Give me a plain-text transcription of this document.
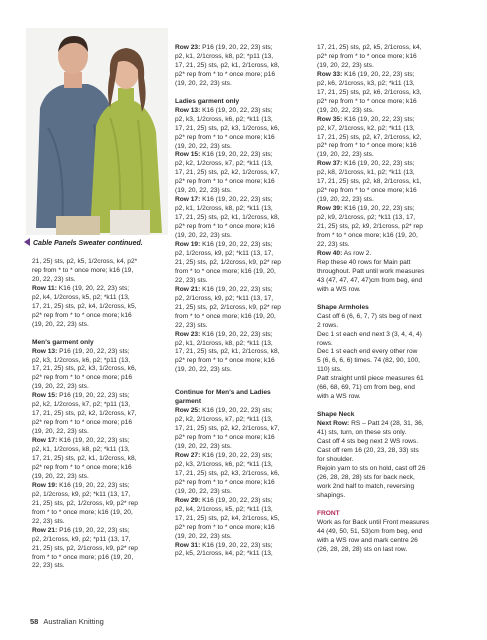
Cable Panels Sweater continued.

21, 25) sts, p2, k5, 1/2cross, k4, p2*

rep from * to * once more; k16 (19,

20, 22, 23) sts.

Row 11: K16 (19, 20, 22, 23) sts;

p2, k4, 1/2cross, k5, p2; *k11 (13,

17, 21, 25) sts, p2, k4, 1/2cross, k5,

p2* rep from * to * once more; k16

(19, 20, 22, 23) sts.

Men's garment only

Row 13: P16 (19, 20, 22, 23) sts;

p2, k3, 1/2cross, k6, p2; *p11 (13,

17, 21, 25) sts, p2, k3, 1/2cross, k6,

p2* rep from * to * once more; p16

(19, 20, 22, 23) sts.

Row 15: P16 (19, 20, 22, 23) sts;

p2, k2, 1/2cross, k7, p2; *p11 (13,

17, 21, 25) sts, p2, k2, 1/2cross, k7,

p2* rep from * to * once more; p16

(19, 20, 22, 23) sts.

Row 17: K16 (19, 20, 22, 23) sts;

p2, k1, 1/2cross, k8, p2; *k11 (13,

17, 21, 25) sts, p2, k1, 1/2cross, k8,

p2* rep from * to * once more; k16

(19, 20, 22, 23) sts.

Row 19: K16 (19, 20, 22, 23) sts;

p2, 1/2cross, k9, p2; *k11 (13, 17,

21, 25) sts, p2, 1/2cross, k9, p2* rep

from * to * once more; k16 (19, 20,

22, 23) sts.

Row 21: P16 (19, 20, 22, 23) sts;

p2, 2/1cross, k9, p2; *p11 (13, 17,

21, 25) sts, p2, 2/1cross, k9, p2* rep

from * to * once more; p16 (19, 20,

22, 23) sts.

Row 23: P16 (19, 20, 22, 23) sts;

p2, k1, 2/1cross, k8, p2; *p11 (13,

17, 21, 25) sts, p2, k1, 2/1cross, k8,

p2* rep from * to * once more; p16

(19, 20, 22, 23) sts.

Ladies garment only

Row 13: K16 (19, 20, 22, 23) sts;

p2, k3, 1/2cross, k6, p2; *k11 (13,

17, 21, 25) sts, p2, k3, 1/2cross, k6,

p2* rep from * to * once more; k16

(19, 20, 22, 23) sts.

Row 15: K16 (19, 20, 22, 23) sts;

p2, k2, 1/2cross, k7, p2; *k11 (13,

17, 21, 25) sts, p2, k2, 1/2cross, k7,

p2* rep from * to * once more; k16

(19, 20, 22, 23) sts.

Row 17: K16 (19, 20, 22, 23) sts;

p2, k1, 1/2cross, k8, p2; *k11 (13,

17, 21, 25) sts, p2, k1, 1/2cross, k8,

p2* rep from * to * once more; k16

(19, 20, 22, 23) sts.

Row 19: K16 (19, 20, 22, 23) sts;

p2, 1/2cross, k9, p2; *k11 (13, 17,

21, 25) sts, p2, 1/2cross, k9, p2* rep

from * to * once more; k16 (19, 20,

22, 23) sts.

Row 21: K16 (19, 20, 22, 23) sts;

p2, 2/1cross, k9, p2; *k11 (13, 17,

21, 25) sts, p2, 2/1cross, k9, p2* rep

from * to * once more; k16 (19, 20,

22, 23) sts.

Row 23: K16 (19, 20, 22, 23) sts;

p2, k1, 2/1cross, k8, p2; *k11 (13,

17, 21, 25) sts, p2, k1, 2/1cross, k8,

p2* rep from * to * once more; k16

(19, 20, 22, 23) sts.

Continue for Men's and Ladies

garment

Row 25: K16 (19, 20, 22, 23) sts;

p2, k2, 2/1cross, k7, p2; *k11 (13,

17, 21, 25) sts, p2, k2, 2/1cross, k7,

p2* rep from * to * once more; k16

(19, 20, 22, 23) sts.

Row 27: K16 (19, 20, 22, 23) sts;

p2, k3, 2/1cross, k6, p2; *k11 (13,

17, 21, 25) sts, p2, k3, 2/1cross, k6,

p2* rep from * to * once more; k16

(19, 20, 22, 23) sts.

Row 29: K16 (19, 20, 22, 23) sts;

p2, k4, 2/1cross, k5, p2; *k11 (13,

17, 21, 25) sts, p2, k4, 2/1cross, k5,

p2* rep from * to * once more; k16

(19, 20, 22, 23) sts.

Row 31: K16 (19, 20, 22, 23) sts;

p2, k5, 2/1cross, k4, p2; *k11 (13,

17, 21, 25) sts, p2, k5, 2/1cross, k4,

p2* rep from * to * once more; k16

(19, 20, 22, 23) sts.

Row 33: K16 (19, 20, 22, 23) sts;

p2, k6, 2/1cross, k3, p2; *k11 (13,

17, 21, 25) sts, p2, k6, 2/1cross, k3,

p2* rep from * to * once more; k16

(19, 20, 22, 23) sts.

Row 35: K16 (19, 20, 22, 23) sts;

p2, k7, 2/1cross, k2, p2; *k11 (13,

17, 21, 25) sts, p2, k7, 2/1cross, k2,

p2* rep from * to * once more; k16

(19, 20, 22, 23) sts.

Row 37: K16 (19, 20, 22, 23) sts;

p2, k8, 2/1cross, k1, p2; *k11 (13,

17, 21, 25) sts, p2, k8, 2/1cross, k1,

p2* rep from * to * once more; k16

(19, 20, 22, 23) sts.

Row 39: K16 (19, 20, 22, 23) sts;

p2, k9, 2/1cross, p2; *k11 (13, 17,

21, 25) sts, p2, k9, 2/1cross, p2* rep

from * to * once more; k16 (19, 20,

22, 23) sts.

Row 40: As row 2.

Rep these 40 rows for Main patt

throughout. Patt until work measures

43 (47, 47, 47, 47)cm from beg, end

with a WS row.

Shape Armholes

Cast off 6 (6, 6, 7, 7) sts beg of next

2 rows.

Dec 1 st each end next 3 (3, 4, 4, 4)

rows.

Dec 1 st each end every other row

5 (6, 6, 6, 6) times. 74 (82, 90, 100,

110) sts.

Patt straight until piece measures 61

(66, 68, 69, 71) cm from beg, end

with a WS row.

Shape Neck

Next Row: RS – Patt 24 (28, 31, 36,

41) sts, turn, on these sts only.

Cast off 4 sts beg next 2 WS rows.

Cast off rem 16 (20, 23, 28, 33) sts

for shoulder.

Rejoin yarn to sts on hold, cast off 26

(26, 28, 28, 28) sts for back neck,

work 2nd half to match, reversing

shapings.

FRONT

Work as for Back until Front measures

44 (49, 50, 51, 53)cm from beg, end

with a WS row and mark centre 26

(26, 28, 28, 28) sts on last row.

58 Australian Knitting
